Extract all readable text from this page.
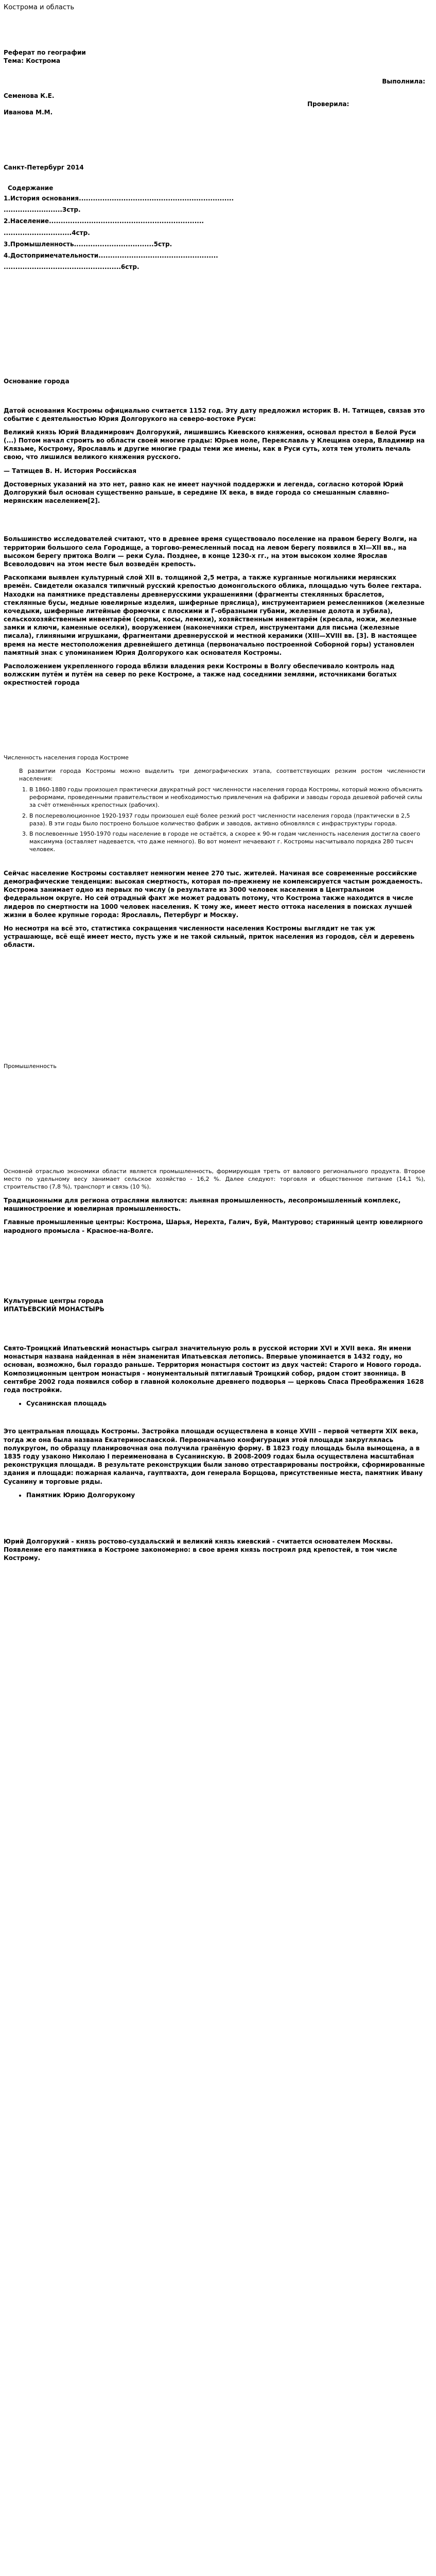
Кострома и область

Реферат по географии

Тема: Кострома

Выполнила:

Семенова К.Е.

Проверила:

Иванова М.М.

Санкт-Петербург 2014

Содержание

1.История основания..................................................................

.........................3стр.

2.Население..................................................................

.............................4стр.

3.Промышленность..................................5стр.

4.Достопримечательности...................................................

..................................................6стр.

Основание города

Датой основания Костромы официально считается 1152 год. Эту дату предложил историк В. Н. Татищев, связав это событие с деятельностью Юрия Долгорукого на северо-востоке Руси:

Великий князь Юрий Владимирович Долгорукий, лишившись Киевского княжения, основал престол в Белой Руси (...) Потом начал строить во области своей многие грады: Юрьев ноле, Переяславль у Клещина озера, Владимир на Клязьме, Кострому, Ярославль и другие многие грады теми же имены, как в Руси суть, хотя тем утолить печаль свою, что лишился великого княжения русского.

— Татищев В. Н. История Российская

Достоверных указаний на это нет, равно как не имеет научной поддержки и легенда, согласно которой Юрий Долгорукий был основан существенно раньше, в середине IX века, в виде города со смешанным славяно-мерянским населением[2].

Большинство исследователей считают, что в древнее время существовало поселение на правом берегу Волги, на территории большого села Городище, а торгово-ремесленный посад на левом берегу появился в XI—XII вв., на высоком берегу притока Волги — реки Сула. Позднее, в конце 1230-х гг., на этом высоком холме Ярослав Всеволодович на этом месте был возведён крепость.

Раскопками выявлен культурный слой XII в. толщиной 2,5 метра, а также курганные могильники мерянских времён. Свидетели оказался типичный русский крепостью домонгольского облика, площадью чуть более гектара. Находки на памятнике представлены древнерусскими украшениями (фрагменты стеклянных браслетов, стеклянные бусы, медные ювелирные изделия, шиферные пряслица), инструментарием ремесленников (железные кочедыки, шиферные литейные формочки с плоскими и Г-образными губами, железные долота и зубила), сельскохозяйственным инвентарём (серпы, косы, лемехи), хозяйственным инвентарём (кресала, ножи, железные замки и ключи, каменные оселки), вооружением (наконечники стрел, инструментами для письма (железные писала), глиняными игрушками, фрагментами древнерусской и местной керамики (XIII—XVIII вв. [3]. В настоящее время на месте местоположения древнейшего детинца (первоначально построенной Соборной горы) установлен памятный знак с упоминанием Юрия Долгорукого как основателя Костромы.

Расположением укрепленного города вблизи владения реки Костромы в Волгу обеспечивало контроль над волжским путём и путём на север по реке Костроме, а также над соседними землями, источниками богатых окрестностей города

Численность населения города Костроме

В развитии города Костромы можно выделить три демографических этапа, соответствующих резким ростом численности населения:

1. В 1860-1880 годы произошел практически двукратный рост численности населения города Костромы, который можно объяснить реформами, проведенными правительством и необходимостью привлечения на фабрики и заводы города дешевой рабочей силы за счёт отменённых крепостных (рабочих).
2. В послереволюционное 1920-1937 годы произошел ещё более резкий рост численности населения города (практически в 2,5 раза). В эти годы было построено большое количество фабрик и заводов, активно обновлялся с инфраструктуры города.
3. В послевоенные 1950-1970 годы население в городе не остаётся, а скорее к 90-м годам численность населения достигла своего максимума (оставляет надевается, что даже немного). Во вот момент нечаевают г. Костромы насчитывало порядка 280 тысяч человек.

Сейчас население Костромы составляет немногим менее 270 тыс. жителей. Начиная все современные российские демографические тенденции: высокая смертность, которая по-прежнему не компенсируется частым рождаемость. Кострома занимает одно из первых по числу (в результате из 3000 человек населения в Центральном федеральном округе. Но сей отрадный факт же может радовать потому, что Кострома также находится в числе лидеров по смертности на 1000 человек населения. К тому же, имеет место оттока населения в поисках лучшей жизни в более крупные города: Ярославль, Петербург и Москву.

Но несмотря на всё это, статистика сокращения численности населения Костромы выглядит не так уж устрашающе, всё ещё имеет место, пусть уже и не такой сильный, приток населения из городов, сёл и деревень области.

Промышленность

Основной отраслью экономики области является промышленность, формирующая треть от валового регионального продукта. Второе место по удельному весу занимает сельское хозяйство - 16,2 %. Далее следуют: торговля и общественное питание (14,1 %), строительство (7,8 %), транспорт и связь (10 %).

Традиционными для региона отраслями являются: льняная промышленность, лесопромышленный комплекс, машиностроение и ювелирная промышленность.

Главные промышленные центры: Кострома, Шарья, Нерехта, Галич, Буй, Мантурово; старинный центр ювелирного народного промысла - Красное-на-Волге.

Культурные центры города

ИПАТЬЕВСКИЙ МОНАСТЫРЬ

Свято-Троицкий Ипатьевский монастырь сыграл значительную роль в русской истории XVI и XVII века. Ян имени монастыря названа найденная в нём знаменитая Ипатьевская летопись. Впервые упоминается в 1432 году, но основан, возможно, был гораздо раньше. Территория монастыря состоит из двух частей: Старого и Нового города. Композиционным центром монастыря - монументальный пятиглавый Троицкий собор, рядом стоит звонница. В сентябре 2002 года появился собор в главной колокольне древнего подворья — церковь Спаса Преображения 1628 года постройки.

• Сусанинская площадь

Это центральная площадь Костромы. Застройка площади осуществлена в конце XVIII – первой четверти XIX века, тогда же она была названа Екатеринославской. Первоначально конфигурация этой площади закруглялась полукругом, по образцу планировочная она получила гранёную форму. В 1823 году площадь была вымощена, а в 1835 году узаконо Николаю I переименована в Сусанинскую. В 2008-2009 годах была осуществлена масштабная реконструкция площади. В результате реконструкции были заново отреставрированы постройки, сформированные здания и площади: пожарная каланча, гауптвахта, дом генерала Борщова, присутственные места, памятник Ивану Сусанину и торговые ряды.

• Памятник Юрию Долгорукому

Юрий Долгорукий - князь ростово-суздальский и великий князь киевский - считается основателем Москвы. Появление его памятника в Костроме закономерно: в свое время князь построил ряд крепостей, в том числе Кострому.
